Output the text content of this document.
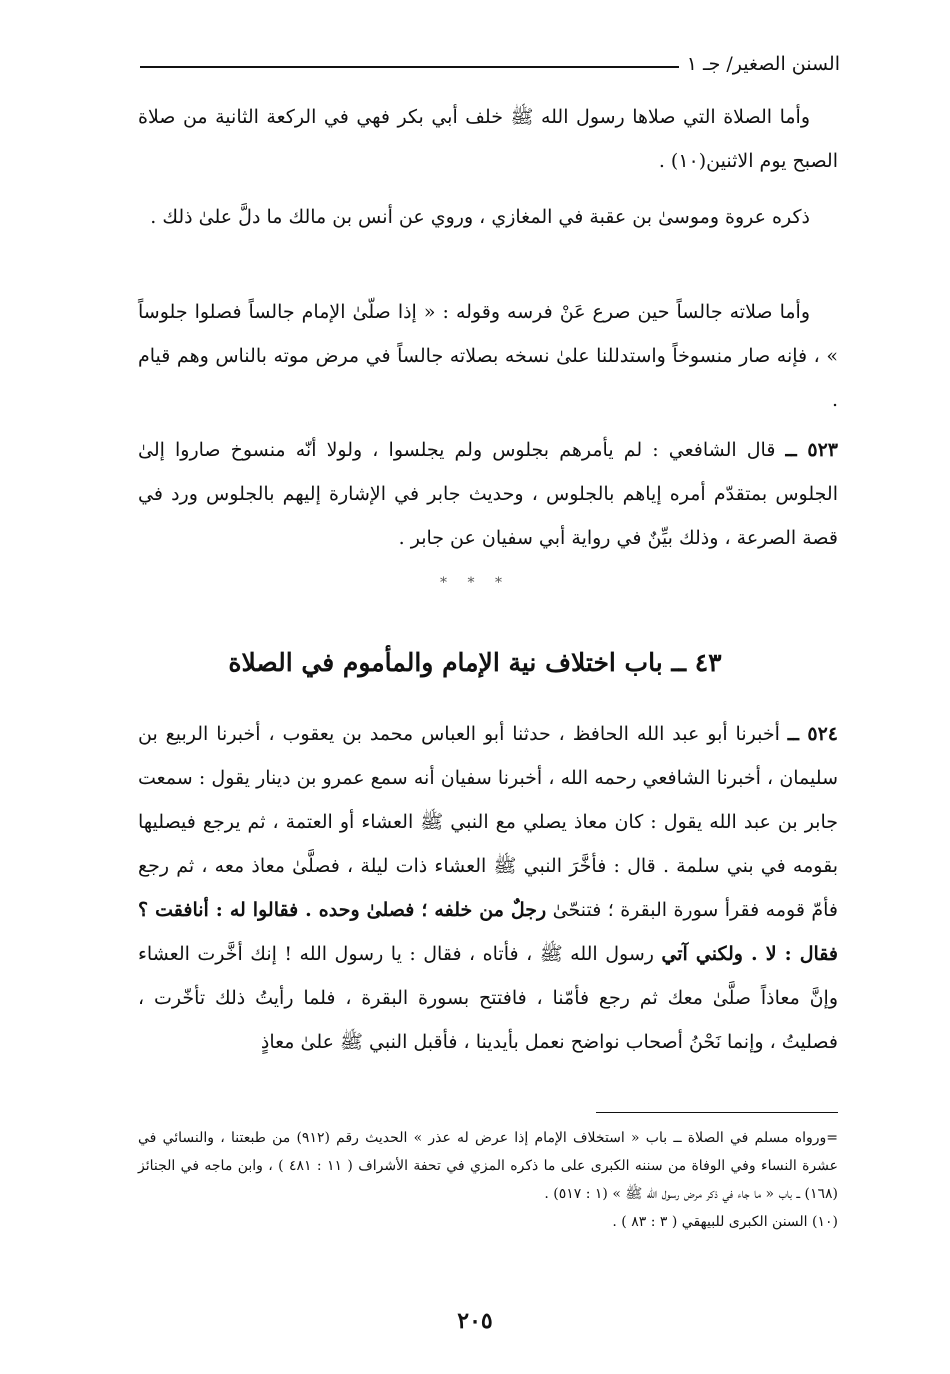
السنن الصغير/ جـ ١

وأما الصلاة التي صلاها رسول الله ﷺ خلف أبي بكر فهي في الركعة الثانية من صلاة الصبح يوم الاثنين(١٠) .

ذكره عروة وموسىٰ بن عقبة في المغازي ، وروي عن أنس بن مالك ما دلَّ علىٰ ذلك .

وأما صلاته جالساً حين صرع عَنْ فرسه وقوله : « إذا صلّىٰ الإمام جالساً فصلوا جلوساً » ، فإنه صار منسوخاً واستدللنا علىٰ نسخه بصلاته جالساً في مرض موته بالناس وهم قيام .

٥٢٣ ــ قال الشافعي : لم يأمرهم بجلوس ولم يجلسوا ، ولولا أنّه منسوخ صاروا إلىٰ الجلوس بمتقدّم أمره إياهم بالجلوس ، وحديث جابر في الإشارة إليهم بالجلوس ورد في قصة الصرعة ، وذلك بيِّنٌ في رواية أبي سفيان عن جابر .

* * *
٤٣ ــ باب اختلاف نية الإمام والمأموم في الصلاة

٥٢٤ ــ أخبرنا أبو عبد الله الحافظ ، حدثنا أبو العباس محمد بن يعقوب ، أخبرنا الربيع بن سليمان ، أخبرنا الشافعي رحمه الله ، أخبرنا سفيان أنه سمع عمرو بن دينار يقول : سمعت جابر بن عبد الله يقول : كان معاذ يصلي مع النبي ﷺ العشاء أو العتمة ، ثم يرجع فيصليها بقومه في بني سلمة . قال : فأخَّرَ النبي ﷺ العشاء ذات ليلة ، فصلَّىٰ معاذ معه ، ثم رجع فأمّ قومه فقرأ سورة البقرة ؛ فتنحّىٰ رجلٌ من خلفه ؛ فصلىٰ وحده . فقالوا له : أنافقت ؟ فقال : لا . ولكني آتي رسول الله ﷺ ، فأتاه ، فقال : يا رسول الله ! إنك أخَّرت العشاء وإنَّ معاذاً صلَّىٰ معك ثم رجع فأمّنا ، فافتتح بسورة البقرة ، فلما رأيتُ ذلك تأخّرت ، فصليتُ ، وإنما نَحْنُ أصحاب نواضح نعمل بأيدينا ، فأقبل النبي ﷺ علىٰ معاذٍ

=ورواه مسلم في الصلاة ــ باب « استخلاف الإمام إذا عرض له عذر » الحديث رقم (٩١٢) من طبعتنا ، والنسائي في عشرة النساء وفي الوفاة من سننه الكبرى على ما ذكره المزي في تحفة الأشراف ( ١١ : ٤٨١ ) ، وابن ماجه في الجنائز (١٦٨) ــ باب « ما جاء في ذكر مرض رسول الله ﷺ » (١ : ٥١٧) .

(١٠) السنن الكبرى للبيهقي ( ٣ : ٨٣ ) .

٢٠٥
